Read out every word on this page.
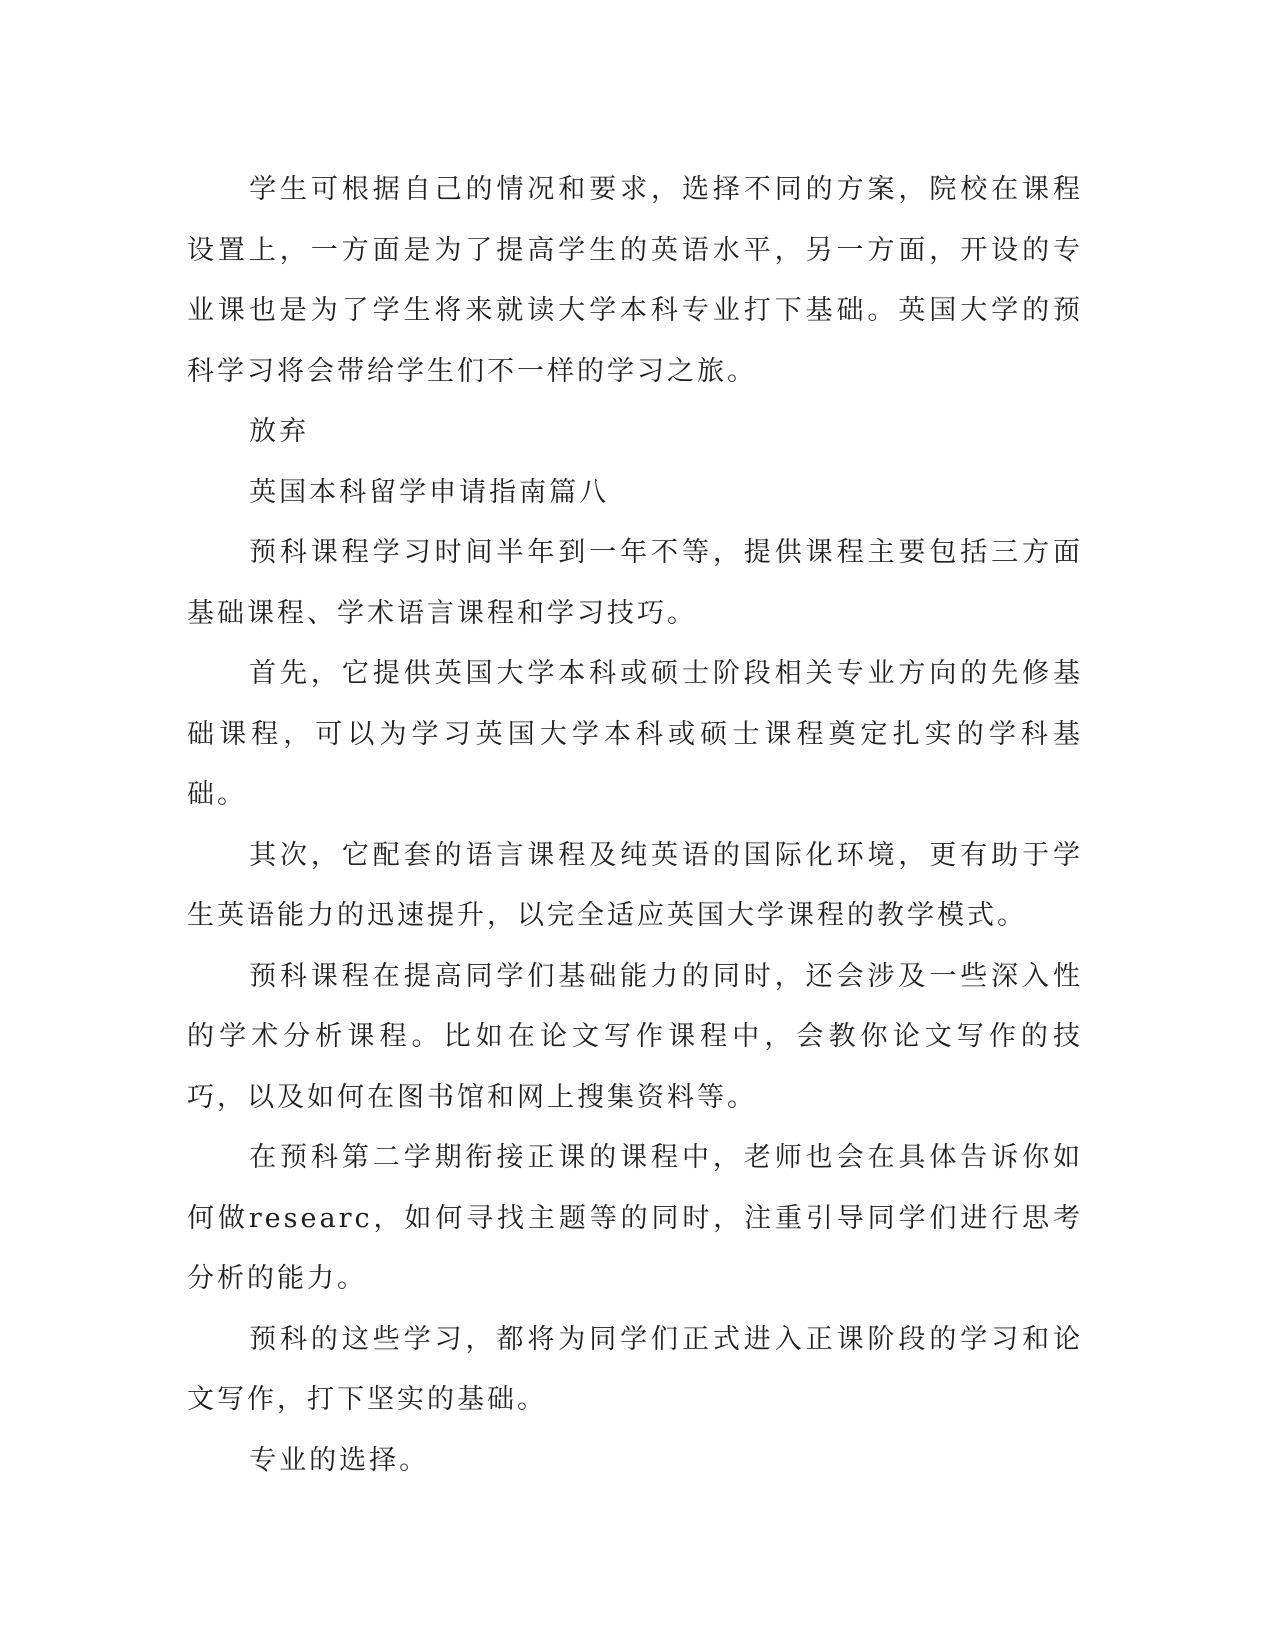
学生可根据自己的情况和要求，选择不同的方案，院校在课程设置上，一方面是为了提高学生的英语水平，另一方面，开设的专业课也是为了学生将来就读大学本科专业打下基础。英国大学的预科学习将会带给学生们不一样的学习之旅。

放弃

英国本科留学申请指南篇八

预科课程学习时间半年到一年不等，提供课程主要包括三方面基础课程、学术语言课程和学习技巧。

首先，它提供英国大学本科或硕士阶段相关专业方向的先修基础课程，可以为学习英国大学本科或硕士课程奠定扎实的学科基础。

其次，它配套的语言课程及纯英语的国际化环境，更有助于学生英语能力的迅速提升，以完全适应英国大学课程的教学模式。

预科课程在提高同学们基础能力的同时，还会涉及一些深入性的学术分析课程。比如在论文写作课程中，会教你论文写作的技巧，以及如何在图书馆和网上搜集资料等。

在预科第二学期衔接正课的课程中，老师也会在具体告诉你如何做researc，如何寻找主题等的同时，注重引导同学们进行思考分析的能力。

预科的这些学习，都将为同学们正式进入正课阶段的学习和论文写作，打下坚实的基础。

专业的选择。
